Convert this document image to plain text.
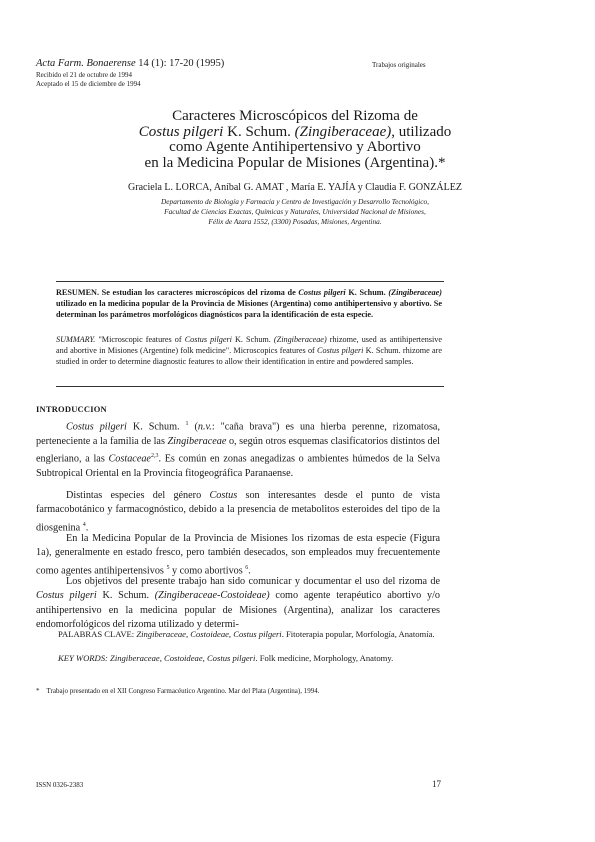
Acta Farm. Bonaerense 14 (1): 17-20 (1995)
Recibido el 21 de octubre de 1994
Aceptado el 15 de diciembre de 1994
Trabajos originales
Caracteres Microscópicos del Rizoma de
Costus pilgeri K. Schum. (Zingiberaceae), utilizado
como Agente Antihipertensivo y Abortivo
en la Medicina Popular de Misiones (Argentina).*
Graciela L. LORCA, Aníbal G. AMAT , María E. YAJÍA y Claudia F. GONZÁLEZ
Departamento de Biología y Farmacia y Centro de Investigación y Desarrollo Tecnológico,
Facultad de Ciencias Exactas, Químicas y Naturales, Universidad Nacional de Misiones,
Félix de Azara 1552, (3300) Posadas, Misiones, Argentina.
RESUMEN. Se estudian los caracteres microscópicos del rizoma de Costus pilgeri K. Schum. (Zingiberaceae) utilizado en la medicina popular de la Provincia de Misiones (Argentina) como antihipertensivo y abortivo. Se determinan los parámetros morfológicos diagnósticos para la identificación de esta especie.
SUMMARY. "Microscopic features of Costus pilgeri K. Schum. (Zingiberaceae) rhizome, used as antihipertensive and abortive in Misiones (Argentine) folk medicine". Microscopics features of Costus pilgeri K. Schum. rhizome are studied in order to determine diagnostic features to allow their identification in entire and powdered samples.
INTRODUCCION
Costus pilgeri K. Schum. $^1$ (n.v.: "caña brava") es una hierba perenne, rizomatosa, perteneciente a la familia de las Zingiberaceae o, según otros esquemas clasificatorios distintos del engleriano, a las Costaceae$^{2,3}$. Es común en zonas anegadizas o ambientes húmedos de la Selva Subtropical Oriental en la Provincia fitogeográfica Paranaense.
Distintas especies del género Costus son interesantes desde el punto de vista farmacobotánico y farmacognóstico, debido a la presencia de metabolitos esteroides del tipo de la diosgenina $^4$.
En la Medicina Popular de la Provincia de Misiones los rizomas de esta especie (Figura 1a), generalmente en estado fresco, pero también desecados, son empleados muy frecuentemente como agentes antihipertensivos $^5$ y como abortivos $^6$.
Los objetivos del presente trabajo han sido comunicar y documentar el uso del rizoma de Costus pilgeri K. Schum. (Zingiberaceae-Costoideae) como agente terapéutico abortivo y/o antihipertensivo en la medicina popular de Misiones (Argentina), analizar los caracteres endomorfológicos del rizoma utilizado y determi-
PALABRAS CLAVE: Zingiberaceae, Costoideae, Costus pilgeri. Fitoterapia popular, Morfología, Anatomía.
KEY WORDS: Zingiberaceae, Costoideae, Costus pilgeri. Folk medicine, Morphology, Anatomy.
* Trabajo presentado en el XII Congreso Farmacéutico Argentino. Mar del Plata (Argentina), 1994.
ISSN 0326-2383	17
